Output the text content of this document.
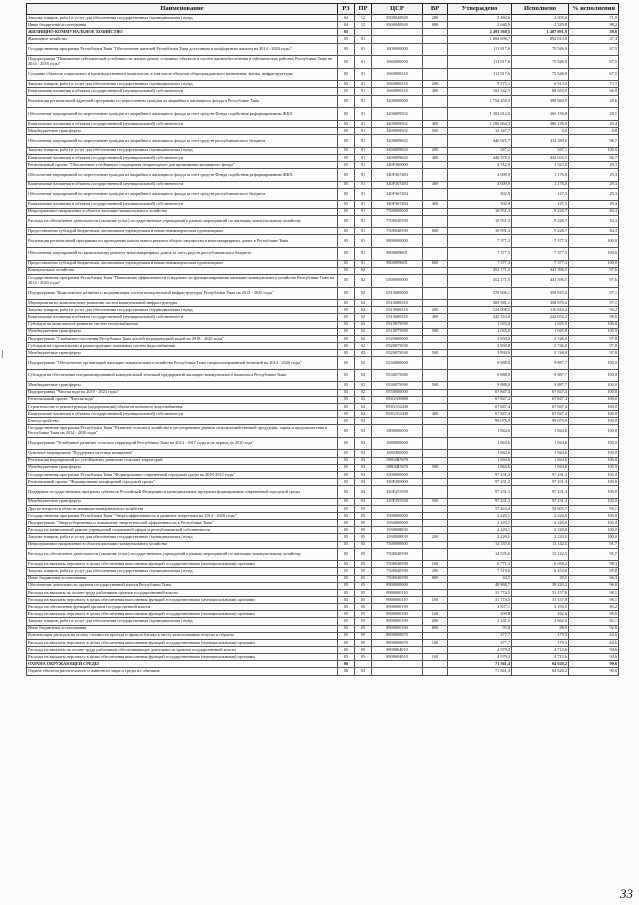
Наименование	РЗ	ПР	ЦСР	ВР	Утверждено	Исполнено	% исполнения
Закупка товаров, работ и услуг для обеспечения государственных (муниципальных) нужд	04	12	9500040920	200	3 484,6	2 505,6	71,9
Иные бюджетные ассигнования	04	12	9500040920	800	2 640,9	2 329,8	88,2
ЖИЛИЩНО-КОММУНАЛЬНОЕ ХОЗЯЙСТВО	05				2 493 368,5	1 487 091,9	59,6
Жилищное хозяйство	05	01			1 884 696,7	892 013,8	47,3
Государственная программа Республики Тыва "Обеспечение жителей Республики Тыва доступным и комфортным жильем на 2014 - 2020 годы"	05	01	1600000000		111 917,6	75 546,9	67,5
Подпрограмма "Повышение сейсмической устойчивости жилых домов, основных объектов и систем жизнеобеспечения в сейсмических районах Республики Тыва на 2014 - 2018 годы"	05	01	1660000000		111 917,6	75 546,9	67,5
Создание объектов социального и производственного комплексов, в том числе объектов общегражданского назначения, жилья, инфраструктуры	05	01	1660000310		111 917,6	75 546,9	67,5
Закупка товаров, работ и услуг для обеспечения государственных (муниципальных) нужд	05	01	1660000310	200	9 375,1	6 913,0	73,7
Капитальные вложения в объекты государственной (муниципальной) собственности	05	01	1660000310	400	102 542,5	68 633,9	66,9
Реализация региональной адресной программы по переселению граждан из аварийного жилищного фонда в Республике Тыва	05	01	3400000000		1 754 450,5	399 860,9	45,6
Обеспечение мероприятий по переселению граждан из аварийного жилищного фонда за счет средств Фонда содействия реформированию ЖКХ	05	01	3400009502		1 303 012,0	366 156,8	28,1
Капитальные вложения в объекты государственной (муниципальной) собственности	05	01	3400009502	400	1 290 664,3	366 156,8	28,4
Межбюджетные трансферты	05	01	3400009502	500	12 347,7	0,0	0,0
Обеспечение мероприятий по переселению граждан из аварийного жилищного фонда за счет средств республиканского бюджета	05	01	3400009602		446 925,7	432 380,6	96,7
Закупка товаров, работ и услуг для обеспечения государственных (муниципальных) нужд	05	01	3400009602	200	347,2	347,1	100,0
Капитальные вложения в объекты государственной (муниципальной) собственности	05	01	3400009602	400	446 578,5	432 033,5	96,7
Региональный проект "Обеспечение устойчивого сокращения непригодного для проживания жилищного фонда"	05	01	340F300000		4 512,8	1 323,5	29,3
Обеспечение мероприятий по переселению граждан из аварийного жилищного фонда за счет средств Фонда содействия реформированию ЖКХ	05	01	340F367483		4 009,9	1 176,0	29,3
Капитальные вложения в объекты государственной (муниципальной) собственности	05	01	340F367483	400	4 009,9	1 176,0	29,3
Обеспечение мероприятий по переселению граждан из аварийного жилищного фонда за счет средств республиканского бюджета	05	01	340F367484		502,9	147,5	29,3
Капитальные вложения в объекты государственной (муниципальной) собственности	05	01	340F367484	400	502,9	147,5	29,3
Непрограммное направление в области жилищно-коммунального хозяйства	05	01	7500000000		10 951,3	9 228,7	84,3
Расходы на обеспечение деятельности (оказание услуг) государственных учреждений в рамках мероприятий по жилищно-коммунальному хозяйству	05	01	7500040590		10 951,3	9 228,7	84,3
Предоставление субсидий бюджетным, автономным учреждениям и иным некоммерческим организациям	05	01	7500040590	600	10 951,3	9 228,7	84,3
Реализация региональной программы по проведению капитального ремонта общего имущества в многоквартирных домах в Республике Тыва	05	01	9800000000		7 377,3	7 377,3	100,0
Обеспечение мероприятий по капитальному ремонту многоквартирных домов за счет средств республиканского бюджета	05	01	9800009601		7 377,3	7 377,3	100,0
Предоставление субсидий бюджетным, автономным учреждениям и иным некоммерческим организациям	05	01	9800009601	600	7 377,3	7 377,3	100,0
Коммунальное хозяйство	05	02			452 171,5	441 396,5	97,6
Государственная программа Республики Тыва "Повышение эффективности и надежности функционирования жилищно-коммунального хозяйства Республики Тыва на 2014 - 2020 годы"	05	02	0500000000		452 171,5	441 396,5	97,6
Подпрограмма "Комплексное развитие и модернизация систем коммунальной инфраструктуры Республики Тыва на 2014 - 2020 годы"	05	02	0510000000		370 606,1	359 915,4	97,1
Мероприятия по комплексному развитию систем коммунальной инфраструктуры	05	02	0510000310		369 561,1	358 870,4	97,1
Закупка товаров, работ и услуг для обеспечения государственных (муниципальных) нужд	05	02	0510000310	200	124 008,1	116 816,2	94,2
Капитальные вложения в объекты государственной (муниципальной) собственности	05	02	0510000310	400	245 553,0	242 054,2	98,6
Субсидии на комплексное развитие систем теплоснабжения	05	02	0510075090		1 045,0	1 045,0	100,0
Межбюджетные трансферты	05	02	0510075090	500	1 045,0	1 045,0	100,0
Подпрограмма "Снабжение населения Республики Тыва чистой водопроводной водой на 2018 - 2020 годы"	05	02	0520000000		3 830,0	3 746,0	97,8
Субсидии на строительство и реконструкцию локальных систем водоснабжения	05	02	0520075030		3 830,0	3 746,0	97,8
Межбюджетные трансферты	05	02	0520075030	500	3 830,0	3 746,0	97,8
Подпрограмма "Обеспечение организаций жилищно-коммунального хозяйства Республики Тыва специализированной техникой на 2014 - 2020 годы"	05	02	0530000000		9 888,0	9 887,7	100,0
Субсидии на обеспечение специализированной коммунальной техникой предприятий жилищно-коммунального комплекса Республики Тыва	05	02	0530075080		9 888,0	9 887,7	100,0
Межбюджетные трансферты	05	02	0530075080	500	9 888,0	9 887,7	100,0
Подпрограмма "Чистая вода на 2019 - 2024 годы"	05	02	0550000000		67 847,4	67 847,4	100,0
Региональный проект "Чистая вода"	05	02	055G500000		67 847,4	67 847,4	100,0
Строительство и реконструкция (модернизация) объектов питьевого водоснабжения	05	02	055G552430		67 847,4	67 847,4	100,0
Капитальные вложения в объекты государственной (муниципальной) собственности	05	02	055G552430	400	67 847,4	67 847,4	100,0
Благоустройство	05	03			99 075,9	99 075,9	100,0
Государственная программа Республики Тыва "Развитие сельского хозяйства и регулирование рынков сельскохозяйственной продукции, сырья и продовольствия в Республике Тыва на 2014 - 2020 годы"	05	03	1800000000		1 844,6	1 844,6	100,0
Подпрограмма "Устойчивое развитие сельских территорий Республики Тыва на 2014 - 2017 годы и на период до 2020 года"	05	03	1880000000		1 844,6	1 844,6	100,0
Основное мероприятие "Поддержка местных инициатив"	05	03	1880400000		1 844,6	1 844,6	100,0
Реализация мероприятий по устойчивому развитию сельских территорий	05	03	18804R5670		1 844,6	1 844,6	100,0
Межбюджетные трансферты	05	03	18804R5670	500	1 844,6	1 844,6	100,0
Государственная программа Республики Тыва "Формирование современной городской среды на 2018-2022 годы"	05	03	3300000000		97 231,3	97 231,3	100,0
Региональный проект "Формирование комфортной городской среды"	05	03	330F200000		97 231,3	97 231,3	100,0
Поддержка государственных программ субъектов Российской Федерации и муниципальных программ формирования современной городской среды	05	03	330F255550		97 231,3	97 231,3	100,0
Межбюджетные трансферты	05	03	330F255550	500	97 231,3	97 231,3	100,0
Другие вопросы в области жилищно-коммунального хозяйства	05	05			57 424,4	54 605,7	95,1
Государственная программа Республики Тыва "Энергоэффективность и развитие энергетики на 2014 - 2020 годы"	05	05	1900000000		2 220,1	2 220,0	100,0
Подпрограмма "Энергосбережение и повышение энергетической эффективности в Республике Тыва"	05	05	1930000000		2 220,1	2 220,0	100,0
Расходы на капитальный ремонт учреждений социальной сферы и республиканской собственности	05	05	1930008830		2 220,1	2 220,0	100,0
Закупка товаров, работ и услуг для обеспечения государственных (муниципальных) нужд	05	05	1930008830	200	2 220,1	2 220,0	100,0
Непрограммное направление в области жилищно-коммунального хозяйства	05	05	7500000000		14 335,6	13 142,5	91,7
Расходы на обеспечение деятельности (оказание услуг) государственных учреждений в рамках мероприятий по жилищно-коммунальному хозяйству	05	05	7500040590		14 335,6	13 142,5	91,7
Расходы на выплаты персоналу в целях обеспечения выполнения функций государственными (муниципальными) органами	05	05	7500040590	100	6 771,3	6 658,2	98,3
Закупка товаров, работ и услуг для обеспечения государственных (муниципальных) нужд	05	05	7500040590	200	7 519,6	6 454,8	85,8
Иные бюджетные ассигнования	05	05	7500040590	800	44,5	29,5	66,3
Обеспечение деятельности органов государственной власти Республики Тыва	05	05	8900000000		40 868,7	39 243,2	96,0
Расходы на выплаты по оплате труда работников органов государственной власти	05	05	8900000110		31 774,5	31 157,8	98,1
Расходы на выплаты персоналу в целях обеспечения выполнения функций государственными (муниципальными) органами	05	05	8900000110	100	31 774,5	31 157,8	98,1
Расходы на обеспечение функций органов государственной власти	05	05	8900000190		3 837,1	3 193,5	83,2
Расходы на выплаты персоналу в целях обеспечения выполнения функций государственными (муниципальными) органами	05	05	8900000190	100	499,8	442,6	88,6
Закупка товаров, работ и услуг для обеспечения государственных (муниципальных) нужд	05	05	8900000190	200	3 241,5	2 662,0	82,1
Иные бюджетные ассигнования	05	05	8900000190	800	95,8	88,9	92,8
Компенсация расходов на оплату стоимости проезда и провоза багажа к месту использования отпуска и обратно	05	05	8900000870		277,7	179,3	64,6
Расходы на выплаты персоналу в целях обеспечения выполнения функций государственными (муниципальными) органами	05	05	8900000870	100	277,7	179,3	64,6
Расходы на выплаты по оплате труда работников обеспечивающих деятельность органов государственной власти	05	05	8900004010		4 979,4	4 712,6	94,6
Расходы на выплаты персоналу в целях обеспечения выполнения функций государственными (муниципальными) органами	05	05	8900004010	100	4 979,4	4 712,6	94,6
ОХРАНА ОКРУЖАЮЩЕЙ СРЕДЫ	06				71 361,4	64 620,2	90,6
Охрана объектов растительного и животного мира и среды их обитания	06	03			71 361,4	64 620,2	90,6
33
